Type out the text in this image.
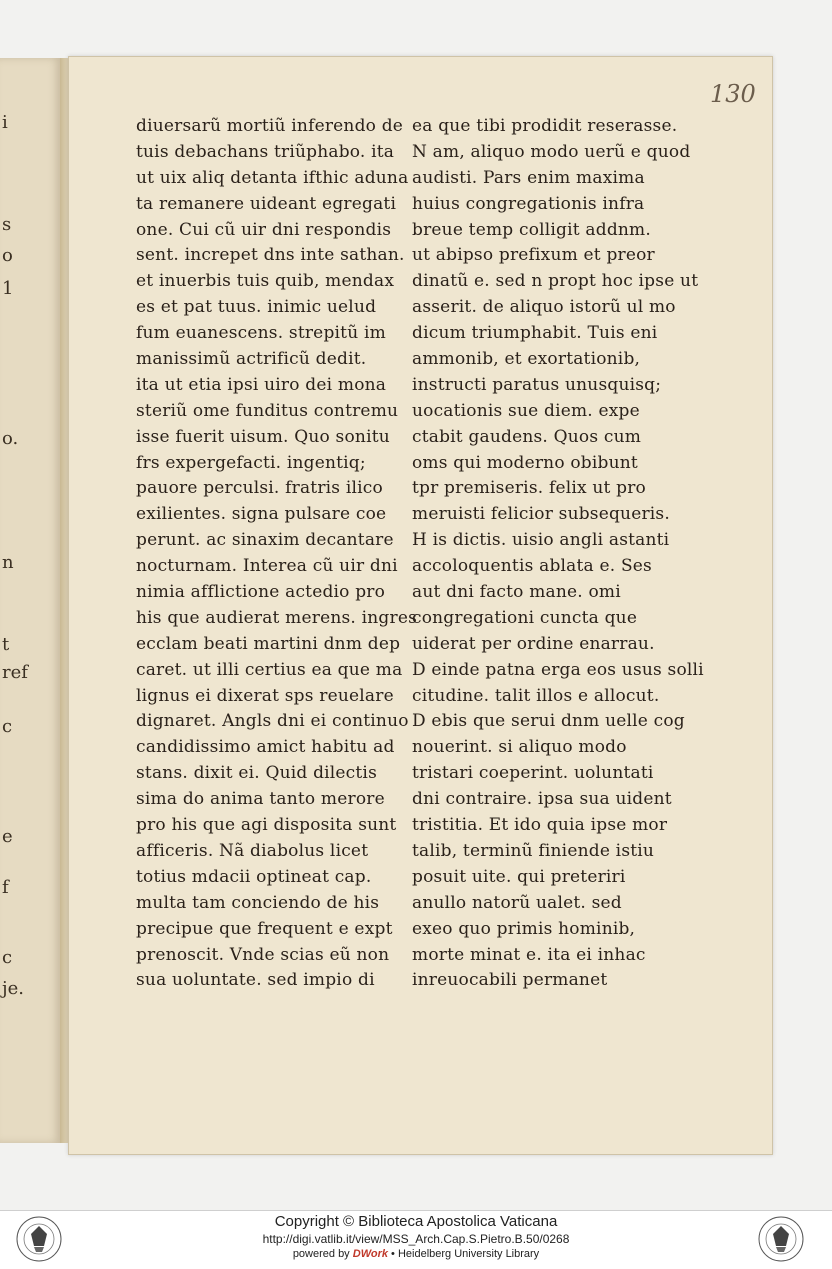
i
s
o
1
o.
n
t
ref
c
e
f
c
je.
130
diuersarũ mortiũ inferendo de
tuis debachans triũphabo. ita
ut uix aliq detanta ifthic aduna
ta remanere uideant egregati
one. Cui cũ uir dni respondis
sent. increpet dns inte sathan.
et inuerbis tuis quib, mendax
es et pat tuus. inimic uelud
fum euanescens. strepitũ im
manissimũ actrificũ dedit.
ita ut etia ipsi uiro dei mona
steriũ ome funditus contremu
isse fuerit uisum. Quo sonitu
frs expergefacti. ingentiq;
pauore perculsi. fratris ilico
exilientes. signa pulsare coe
perunt. ac sinaxim decantare
nocturnam. Interea cũ uir dni
nimia afflictione actedio pro
his que audierat merens. ingres
ecclam beati martini dnm dep
caret. ut illi certius ea que ma
lignus ei dixerat sps reuelare
dignaret. Angls dni ei continuo
candidissimo amict habitu ad
stans. dixit ei. Quid dilectis
sima do anima tanto merore
pro his que agi disposita sunt
afficeris. Nã diabolus licet
totius mdacii optineat cap.
multa tam conciendo de his
precipue que frequent e expt
prenoscit. Vnde scias eũ non
sua uoluntate. sed impio di
ea que tibi prodidit reserasse.
N am, aliquo modo uerũ e quod
audisti. Pars enim maxima
huius congregationis infra
breue temp colligit addnm.
ut abipso prefixum et preor
dinatũ e. sed n propt hoc ipse ut
asserit. de aliquo istorũ ul mo
dicum triumphabit. Tuis eni
ammonib, et exortationib,
instructi paratus unusquisq;
uocationis sue diem. expe
ctabit gaudens. Quos cum
oms qui moderno obibunt
tpr premiseris. felix ut pro
meruisti felicior subsequeris.
H is dictis. uisio angli astanti
accoloquentis ablata e. Ses
aut dni facto mane. omi
congregationi cuncta que
uiderat per ordine enarrau.
D einde patna erga eos usus solli
citudine. talit illos e allocut.
D ebis que serui dnm uelle cog
nouerint. si aliquo modo
tristari coeperint. uoluntati
dni contraire. ipsa sua uident
tristitia. Et ido quia ipse mor
talib, terminũ finiende istiu
posuit uite. qui preteriri
anullo natorũ ualet. sed
exeo quo primis hominib,
morte minat e. ita ei inhac
inreuocabili permanet
Copyright © Biblioteca Apostolica Vaticana
http://digi.vatlib.it/view/MSS_Arch.Cap.S.Pietro.B.50/0268
powered by DWork • Heidelberg University Library
